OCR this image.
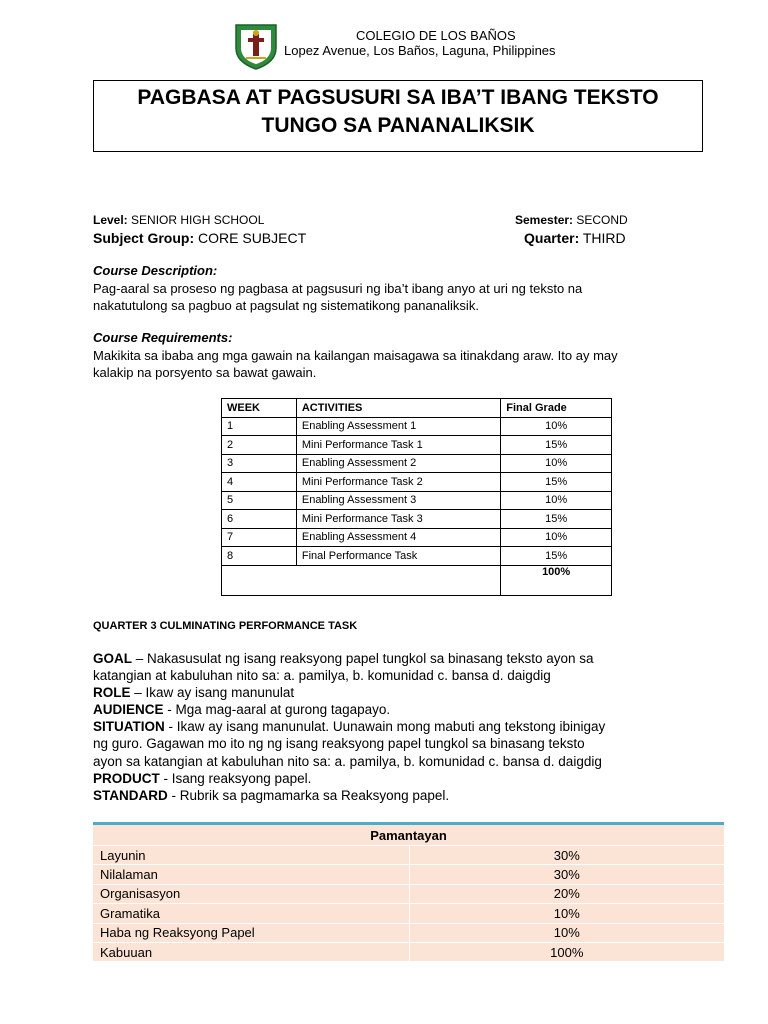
COLEGIO DE LOS BAÑOS
Lopez Avenue, Los Baños, Laguna, Philippines
PAGBASA AT PAGSUSURI SA IBA’T IBANG TEKSTO
TUNGO SA PANANALIKSIK
Level: SENIOR HIGH SCHOOL	Semester: SECOND
Subject Group: CORE SUBJECT	Quarter: THIRD
Course Description:
Pag-aaral sa proseso ng pagbasa at pagsusuri ng iba’t ibang anyo at uri ng teksto na
nakatutulong sa pagbuo at pagsulat ng sistematikong pananaliksik.
Course Requirements:
Makikita sa ibaba ang mga gawain na kailangan maisagawa sa itinakdang araw. Ito ay may
kalakip na porsyento sa bawat gawain.
WEEK	ACTIVITIES	Final Grade
1	Enabling Assessment 1	10%
2	Mini Performance Task 1	15%
3	Enabling Assessment 2	10%
4	Mini Performance Task 2	15%
5	Enabling Assessment 3	10%
6	Mini Performance Task 3	15%
7	Enabling Assessment 4	10%
8	Final Performance Task	15%
		100%
QUARTER 3 CULMINATING PERFORMANCE TASK

GOAL – Nakasusulat ng isang reaksyong papel tungkol sa binasang teksto ayon sa

katangian at kabuluhan nito sa: a. pamilya, b. komunidad c. bansa d. daigdig

ROLE – Ikaw ay isang manunulat

AUDIENCE - Mga mag-aaral at gurong tagapayo.

SITUATION - Ikaw ay isang manunulat. Uunawain mong mabuti ang tekstong ibinigay

ng guro. Gagawan mo ito ng ng isang reaksyong papel tungkol sa binasang teksto

ayon sa katangian at kabuluhan nito sa: a. pamilya, b. komunidad c. bansa d. daigdig

PRODUCT - Isang reaksyong papel.

STANDARD - Rubrik sa pagmamarka sa Reaksyong papel.

Pamantayan	
Layunin	30%
Nilalaman	30%
Organisasyon	20%
Gramatika	10%
Haba ng Reaksyong Papel	10%
Kabuuan	100%
